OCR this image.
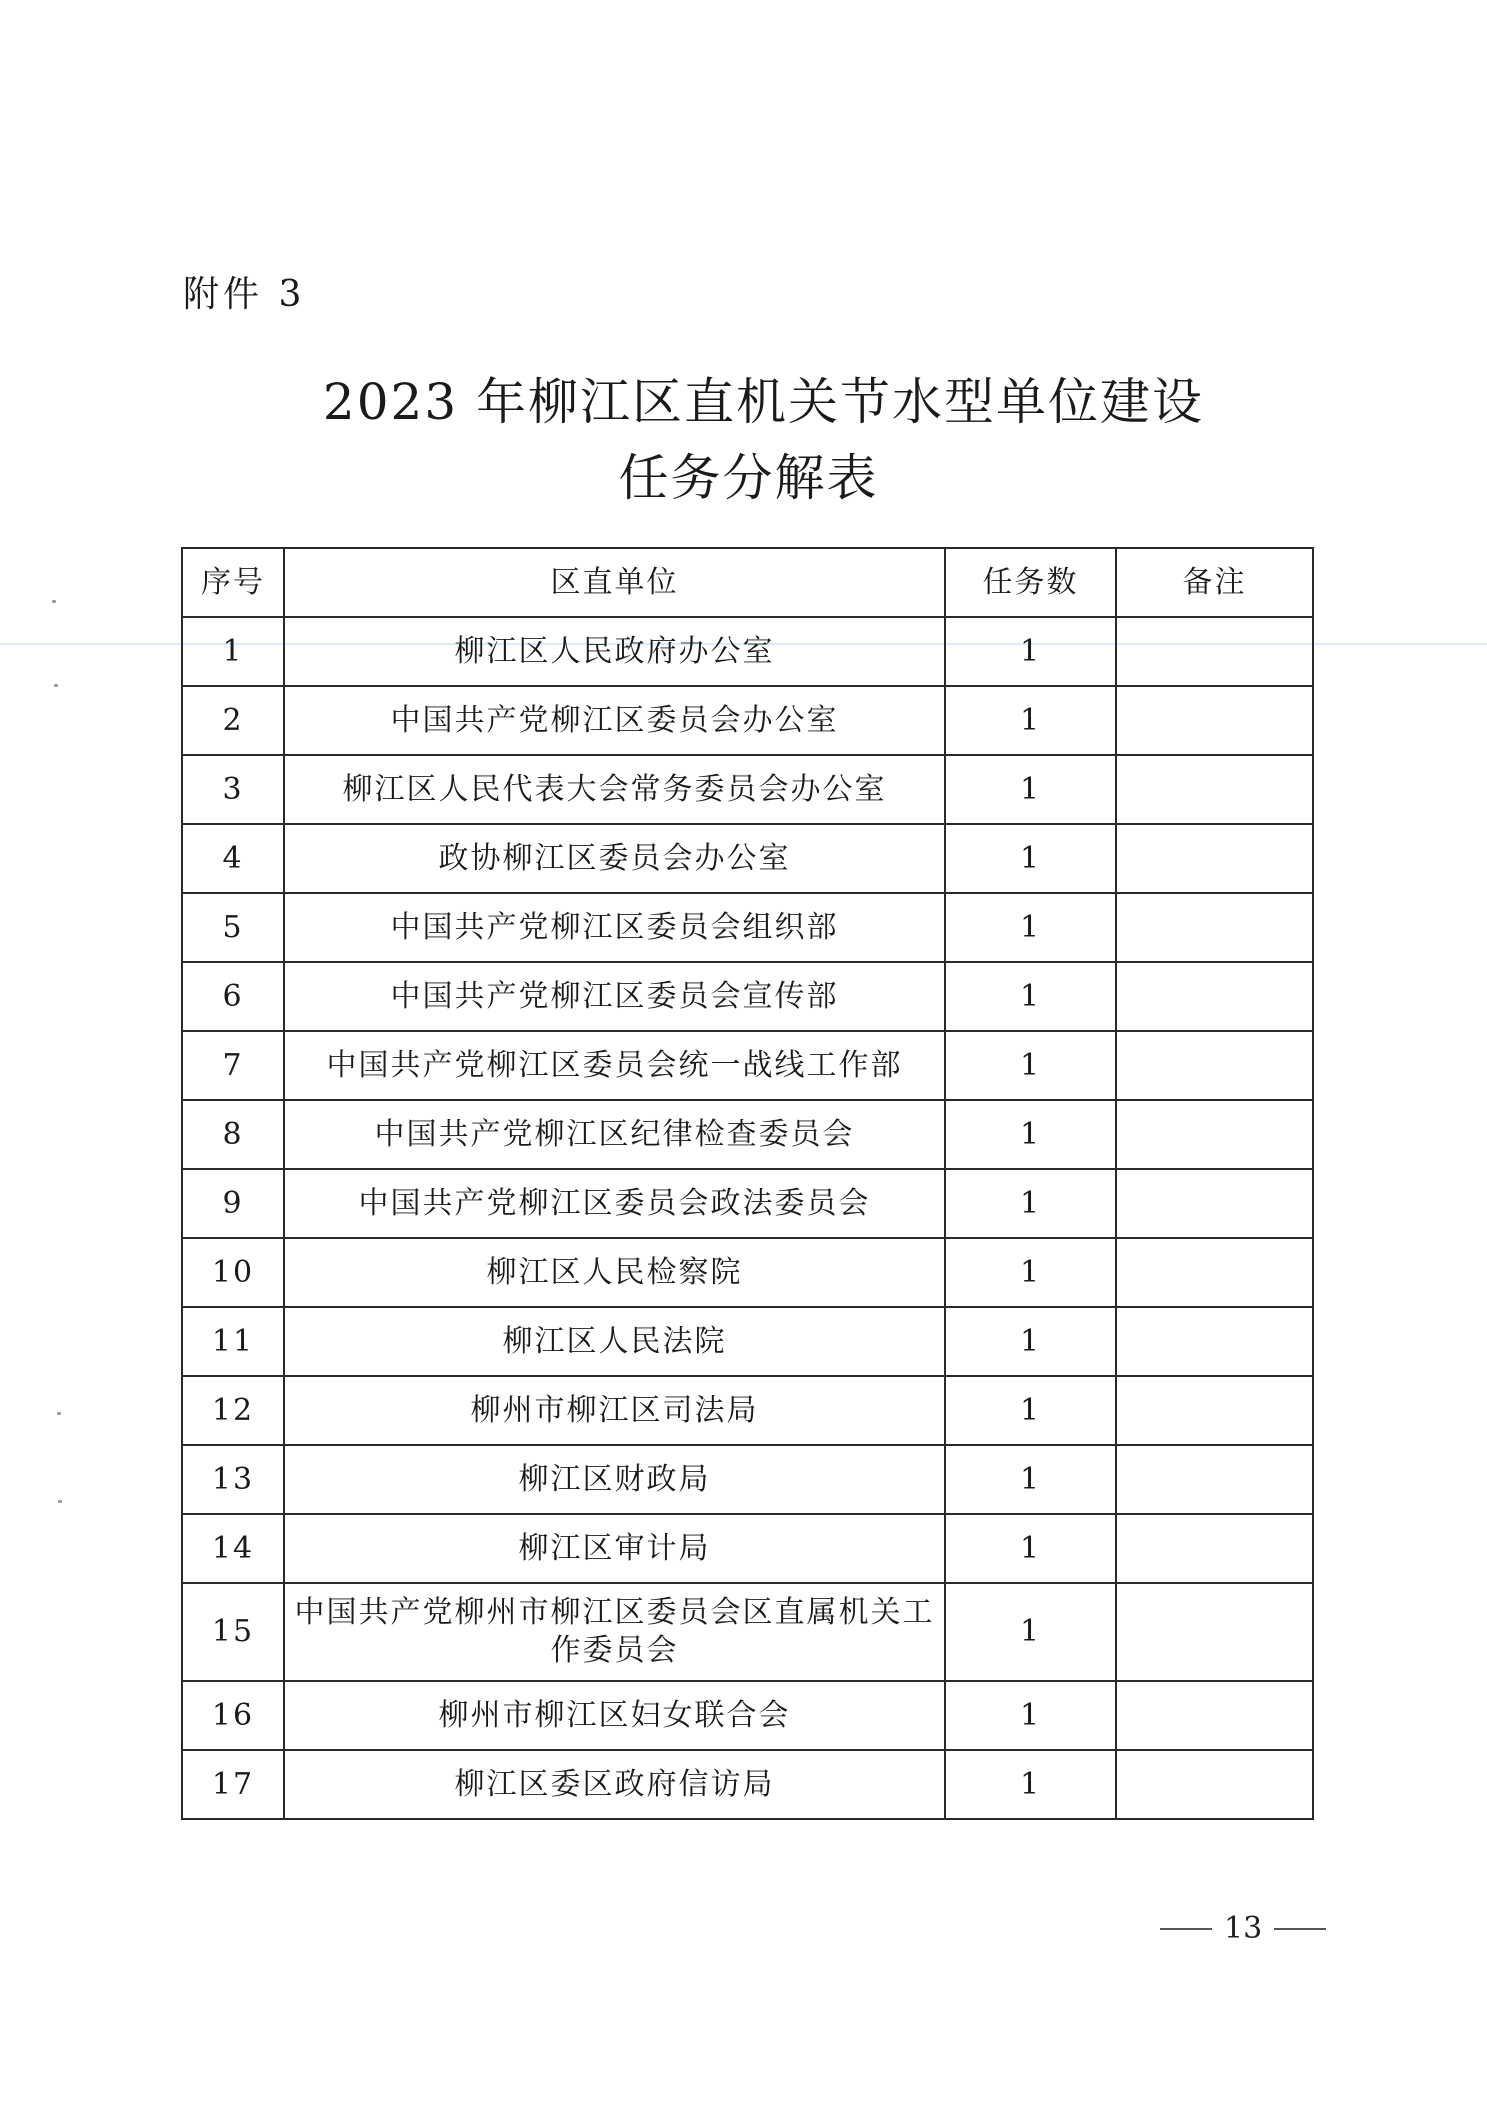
附件 3
2023 年柳江区直机关节水型单位建设
任务分解表
序号	区直单位	任务数	备注
1	柳江区人民政府办公室	1	
2	中国共产党柳江区委员会办公室	1	
3	柳江区人民代表大会常务委员会办公室	1	
4	政协柳江区委员会办公室	1	
5	中国共产党柳江区委员会组织部	1	
6	中国共产党柳江区委员会宣传部	1	
7	中国共产党柳江区委员会统一战线工作部	1	
8	中国共产党柳江区纪律检查委员会	1	
9	中国共产党柳江区委员会政法委员会	1	
10	柳江区人民检察院	1	
11	柳江区人民法院	1	
12	柳州市柳江区司法局	1	
13	柳江区财政局	1	
14	柳江区审计局	1	
15	中国共产党柳州市柳江区委员会区直属机关工作委员会	1	
16	柳州市柳江区妇女联合会	1	
17	柳江区委区政府信访局	1	
13
